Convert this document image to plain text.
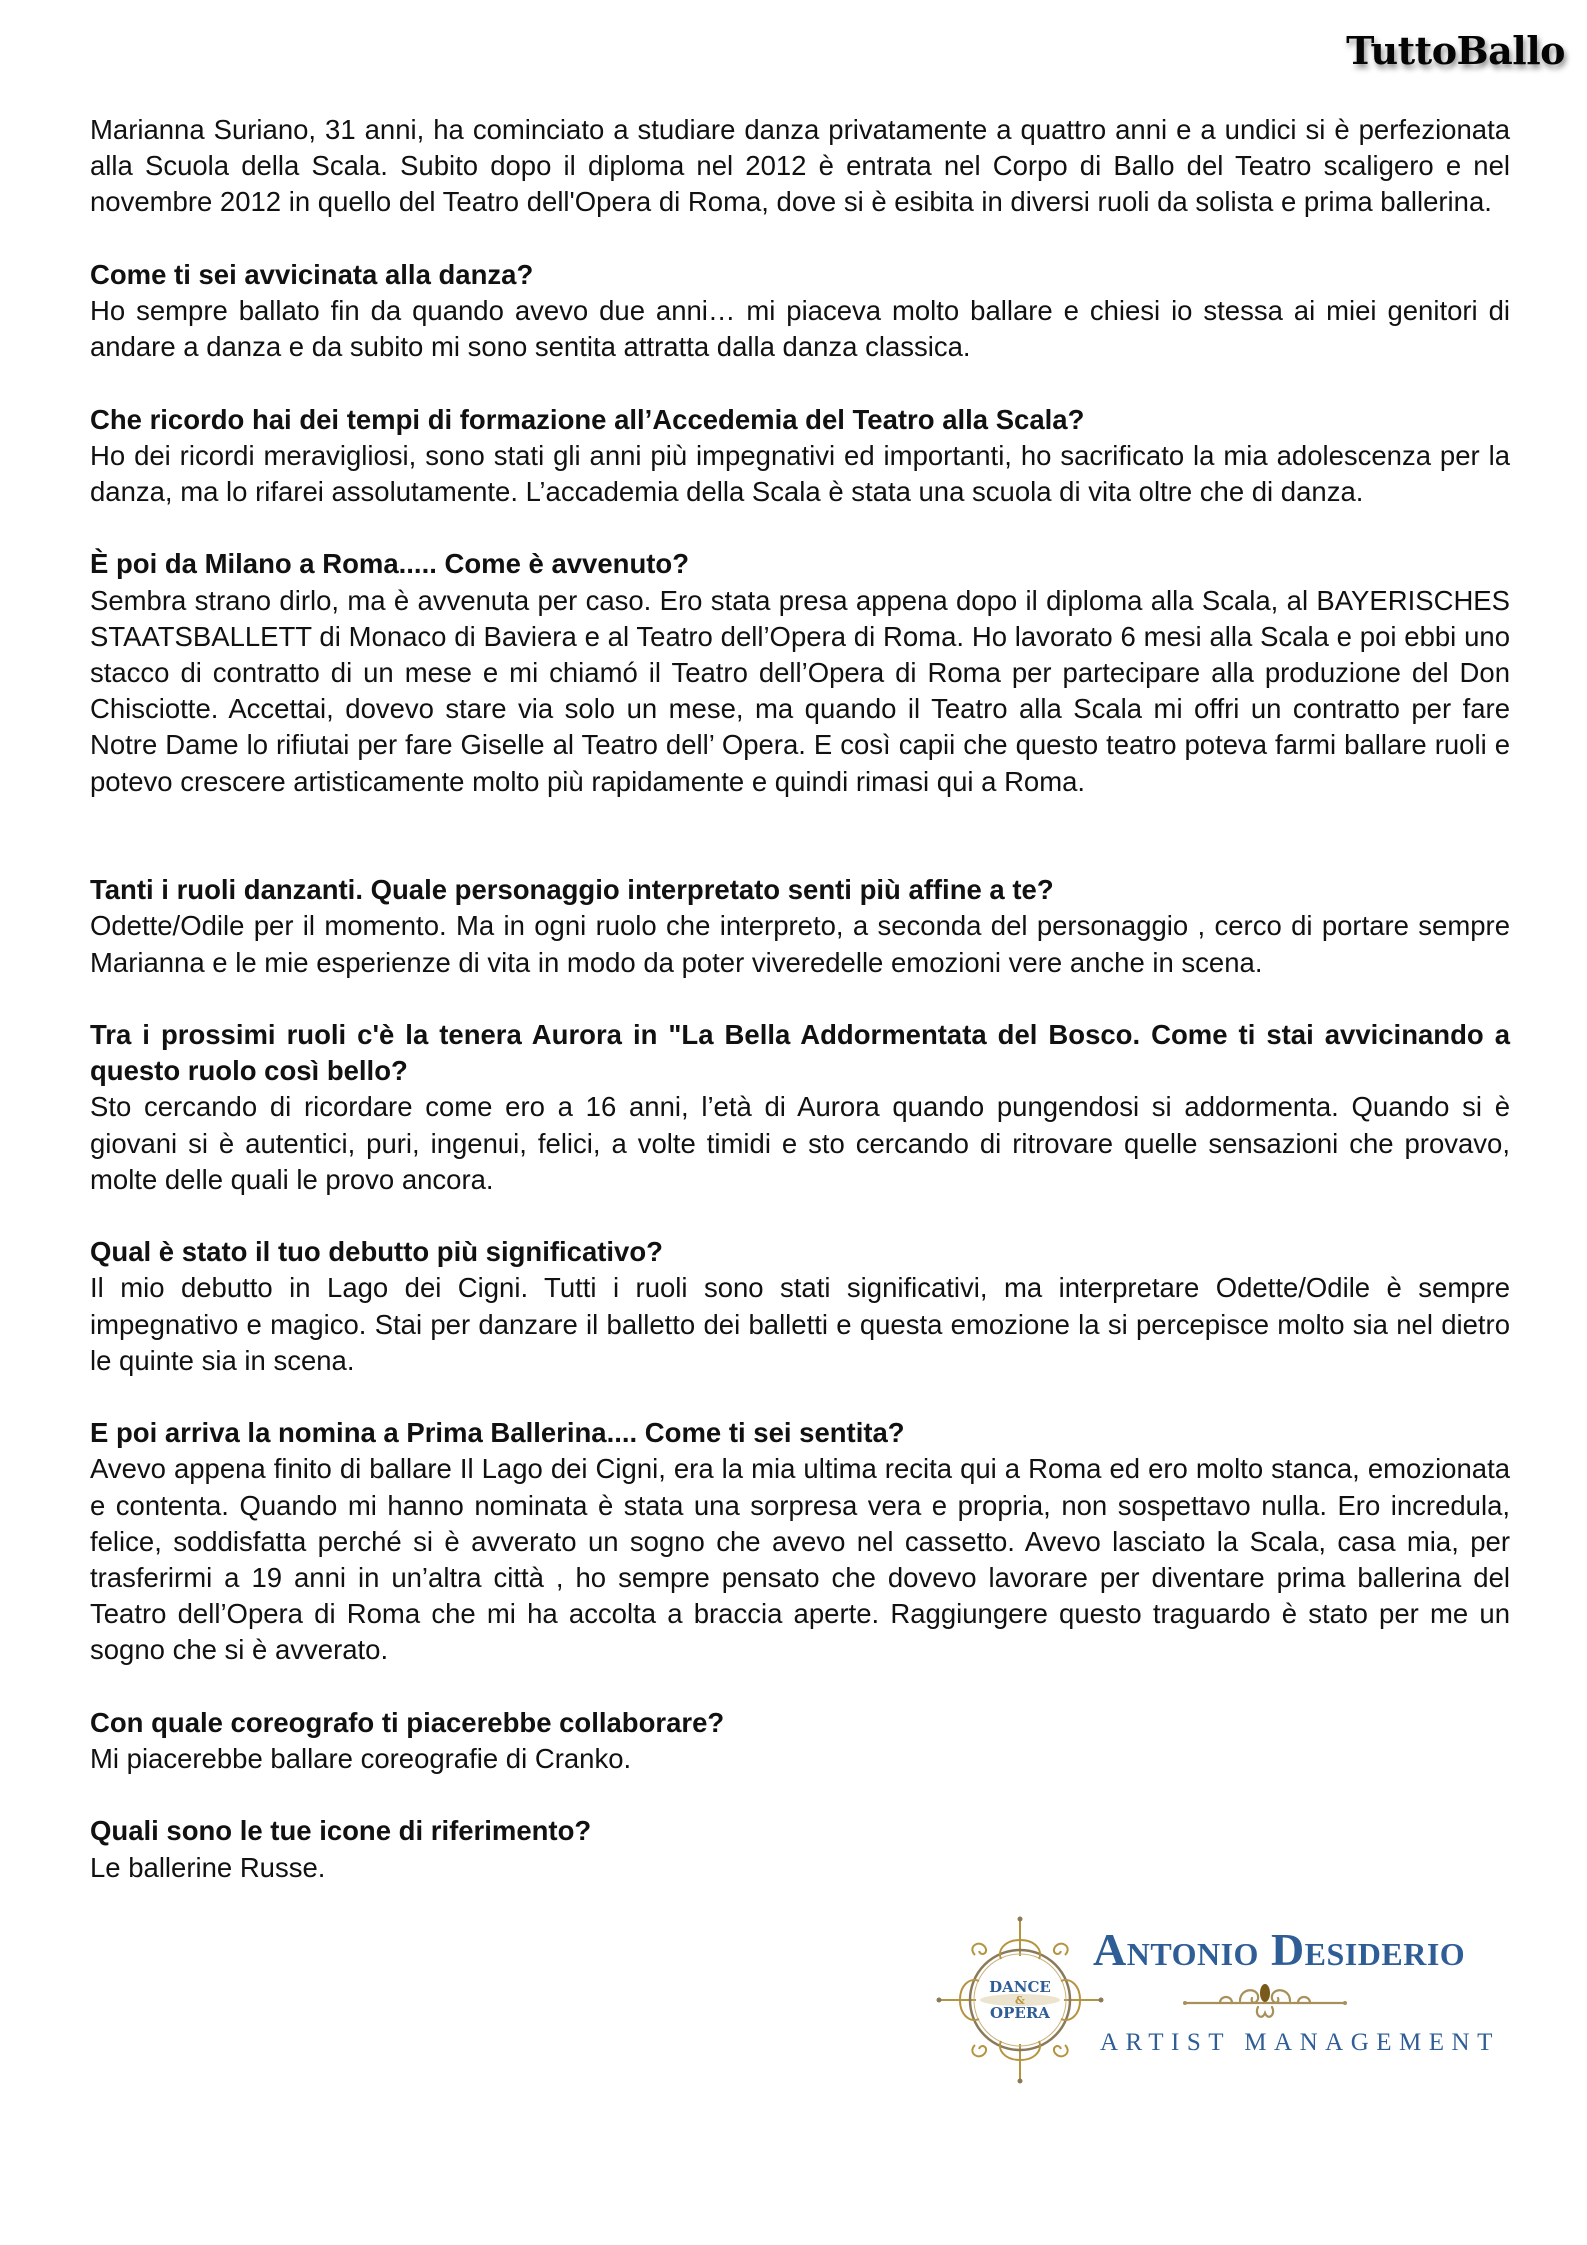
TuttoBallo

Marianna Suriano, 31 anni, ha cominciato a studiare danza privatamente a quattro anni e a undici si è perfezionata alla Scuola della Scala. Subito dopo il diploma nel 2012 è entrata nel Corpo di Ballo del Teatro scaligero e nel novembre 2012 in quello del Teatro dell'Opera di Roma, dove si è esibita in diversi ruoli da solista e prima ballerina.

Come ti sei avvicinata alla danza?

Ho sempre ballato fin da quando avevo due anni… mi piaceva molto ballare e chiesi io stessa ai miei genitori di andare a danza e da subito mi sono sentita attratta dalla danza classica.

Che ricordo hai dei tempi di formazione all’Accedemia del Teatro alla Scala?

Ho dei ricordi meravigliosi, sono stati gli anni più impegnativi ed importanti, ho sacrificato la mia adolescenza per la danza, ma lo rifarei assolutamente. L’accademia della Scala è stata una scuola di vita oltre che di danza.

È poi da Milano a Roma..... Come è avvenuto?

Sembra strano dirlo, ma è avvenuta per caso. Ero stata presa appena dopo il diploma alla Scala, al BAYERISCHES STAATSBALLETT di Monaco di Baviera e al Teatro dell’Opera di Roma. Ho lavorato 6 mesi alla Scala e poi ebbi uno stacco di contratto di un mese e mi chiamó il Teatro dell’Opera di Roma per partecipare alla produzione del Don Chisciotte. Accettai, dovevo stare via solo un mese, ma quando il Teatro alla Scala mi offri un contratto per fare Notre Dame lo rifiutai per fare Giselle al Teatro dell’ Opera. E così capii che questo teatro poteva farmi ballare ruoli e potevo crescere artisticamente molto più rapidamente e quindi rimasi qui a Roma.

Tanti i ruoli danzanti. Quale personaggio interpretato senti più affine a te?

Odette/Odile per il momento. Ma in ogni ruolo che interpreto, a seconda del personaggio , cerco di portare sempre Marianna e le mie esperienze di vita in modo da poter viveredelle emozioni vere anche in scena.

Tra i prossimi ruoli c'è la tenera Aurora in "La Bella Addormentata del Bosco. Come ti stai avvicinando a questo ruolo così bello?

Sto cercando di ricordare come ero a 16 anni, l’età di Aurora quando pungendosi si addormenta. Quando si è giovani si è autentici, puri, ingenui, felici, a volte timidi e sto cercando di ritrovare quelle sensazioni che provavo, molte delle quali le provo ancora.

Qual è stato il tuo debutto più significativo?

Il mio debutto in Lago dei Cigni. Tutti i ruoli sono stati significativi, ma interpretare Odette/Odile è sempre impegnativo e magico. Stai per danzare il balletto dei balletti e questa emozione la si percepisce molto sia nel dietro le quinte sia in scena.

E poi arriva la nomina a Prima Ballerina.... Come ti sei sentita?

Avevo appena finito di ballare Il Lago dei Cigni, era la mia ultima recita qui a Roma ed ero molto stanca, emozionata e contenta. Quando mi hanno nominata è stata una sorpresa vera e propria, non sospettavo nulla. Ero incredula, felice, soddisfatta perché si è avverato un sogno che avevo nel cassetto. Avevo lasciato la Scala, casa mia, per trasferirmi a 19 anni in un’altra città , ho sempre pensato che dovevo lavorare per diventare prima ballerina del Teatro dell’Opera di Roma che mi ha accolta a braccia aperte. Raggiungere questo traguardo è stato per me un sogno che si è avverato.

Con quale coreografo ti piacerebbe collaborare?

Mi piacerebbe ballare coreografie di Cranko.

Quali sono le tue icone di riferimento?

Le ballerine Russe.

DANCE
&
OPERA
Antonio Desiderio
ARTIST MANAGEMENT
